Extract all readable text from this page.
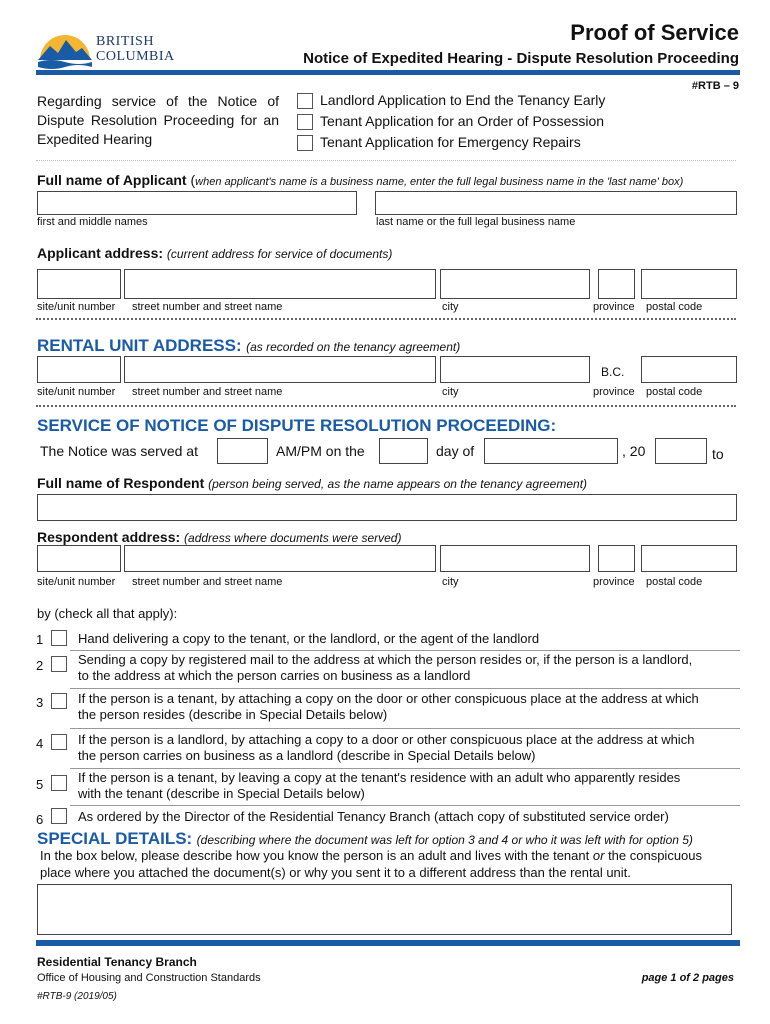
BRITISH
COLUMBIA
Proof of Service
Notice of Expedited Hearing - Dispute Resolution Proceeding
#RTB – 9
Regarding service of the Notice of Dispute Resolution Proceeding for an Expedited Hearing
Landlord Application to End the Tenancy Early
Tenant Application for an Order of Possession
Tenant Application for Emergency Repairs
Full name of Applicant (when applicant's name is a business name, enter the full legal business name in the 'last name' box)
first and middle names	last name or the full legal business name
Applicant address: (current address for service of documents)
site/unit number street number and street name	city	province postal code
RENTAL UNIT ADDRESS: (as recorded on the tenancy agreement)
B.C.
site/unit number street number and street name	city	province postal code
SERVICE OF NOTICE OF DISPUTE RESOLUTION PROCEEDING:
The Notice was served at	AM/PM on the	day of	, 20	to
Full name of Respondent (person being served, as the name appears on the tenancy agreement)
Respondent address: (address where documents were served)
site/unit number street number and street name	city	province postal code
by (check all that apply):
1	Hand delivering a copy to the tenant, or the landlord, or the agent of the landlord
2	Sending a copy by registered mail to the address at which the person resides or, if the person is a landlord,
to the address at which the person carries on business as a landlord
3	If the person is a tenant, by attaching a copy on the door or other conspicuous place at the address at which
the person resides (describe in Special Details below)
4	If the person is a landlord, by attaching a copy to a door or other conspicuous place at the address at which
the person carries on business as a landlord (describe in Special Details below)
5	If the person is a tenant, by leaving a copy at the tenant's residence with an adult who apparently resides
with the tenant (describe in Special Details below)
6	As ordered by the Director of the Residential Tenancy Branch (attach copy of substituted service order)
SPECIAL DETAILS: (describing where the document was left for option 3 and 4 or who it was left with for option 5)
In the box below, please describe how you know the person is an adult and lives with the tenant or the conspicuous
place where you attached the document(s) or why you sent it to a different address than the rental unit.
Residential Tenancy Branch
Office of Housing and Construction Standards
#RTB-9 (2019/05)
page 1 of 2 pages
